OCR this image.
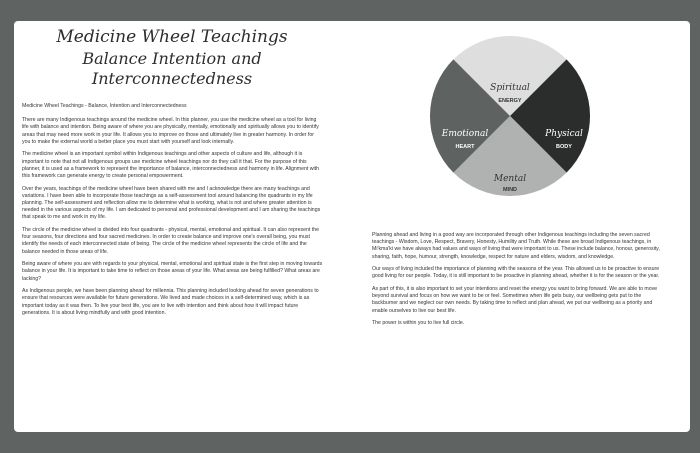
Medicine Wheel Teachings
Balance Intention and Interconnectedness

Medicine Wheel Teachings - Balance, Intention and Interconnectedness

There are many Indigenous teachings around the medicine wheel. In this planner, you use the medicine wheel as a tool for living life with balance and intention. Being aware of where you are physically, mentally, emotionally and spiritually allows you to identify areas that may need more work in your life. It allows you to improve on those and ultimately live in greater harmony. In order for you to make the external world a better place you must start with yourself and look internally.

The medicine wheel is an important symbol within Indigenous teachings and other aspects of culture and life, although it is important to note that not all Indigenous groups use medicine wheel teachings nor do they call it that. For the purpose of this planner, it is used as a framework to represent the importance of balance, interconnectedness and harmony in life. Alignment with this framework can generate energy to create personal empowerment.

Over the years, teachings of the medicine wheel have been shared with me and I acknowledge there are many teachings and variations. I have been able to incorporate those teachings as a self-assessment tool around balancing the quadrants in my life planning. The self-assessment and reflection allow me to determine what is working, what is not and where greater attention is needed in the various aspects of my life. I am dedicated to personal and professional development and I am sharing the teachings that speak to me and work in my life.

The circle of the medicine wheel is divided into four quadrants - physical, mental, emotional and spiritual. It can also represent the four seasons, four directions and four sacred medicines. In order to create balance and improve one's overall being, you must identify the needs of each interconnected state of being. The circle of the medicine wheel represents the circle of life and the balance needed in those areas of life.

Being aware of where you are with regards to your physical, mental, emotional and spiritual state is the first step in moving towards balance in your life. It is important to take time to reflect on those areas of your life. What areas are being fulfilled? What areas are lacking?

As Indigenous people, we have been planning ahead for millennia. This planning included looking ahead for seven generations to ensure that resources were available for future generations. We lived and made choices in a self-determined way, which is as important today as it was then. To live your best life, you are to live with intention and think about how it will impact future generations. It is about living mindfully and with good intention.

Spiritual
ENERGY
Physical
BODY
Mental
MIND
Emotional
HEART

Planning ahead and living in a good way are incorporated through other Indigenous teachings including the seven sacred teachings - Wisdom, Love, Respect, Bravery, Honesty, Humility and Truth. While these are broad Indigenous teachings, in Mi'kma'ki we have always had values and ways of living that were important to us. These include balance, honour, generosity, sharing, faith, hope, humour, strength, knowledge, respect for nature and elders, wisdom, and knowledge.

Our ways of living included the importance of planning with the seasons of the year. This allowed us to be proactive to ensure good living for our people. Today, it is still important to be proactive in planning ahead, whether it is for the season or the year.

As part of this, it is also important to set your intentions and reset the energy you want to bring forward. We are able to move beyond survival and focus on how we want to be or feel. Sometimes when life gets busy, our wellbeing gets put to the backburner and we neglect our own needs. By taking time to reflect and plan ahead, we put our wellbeing as a priority and enable ourselves to live our best life.

The power is within you to live full circle.
